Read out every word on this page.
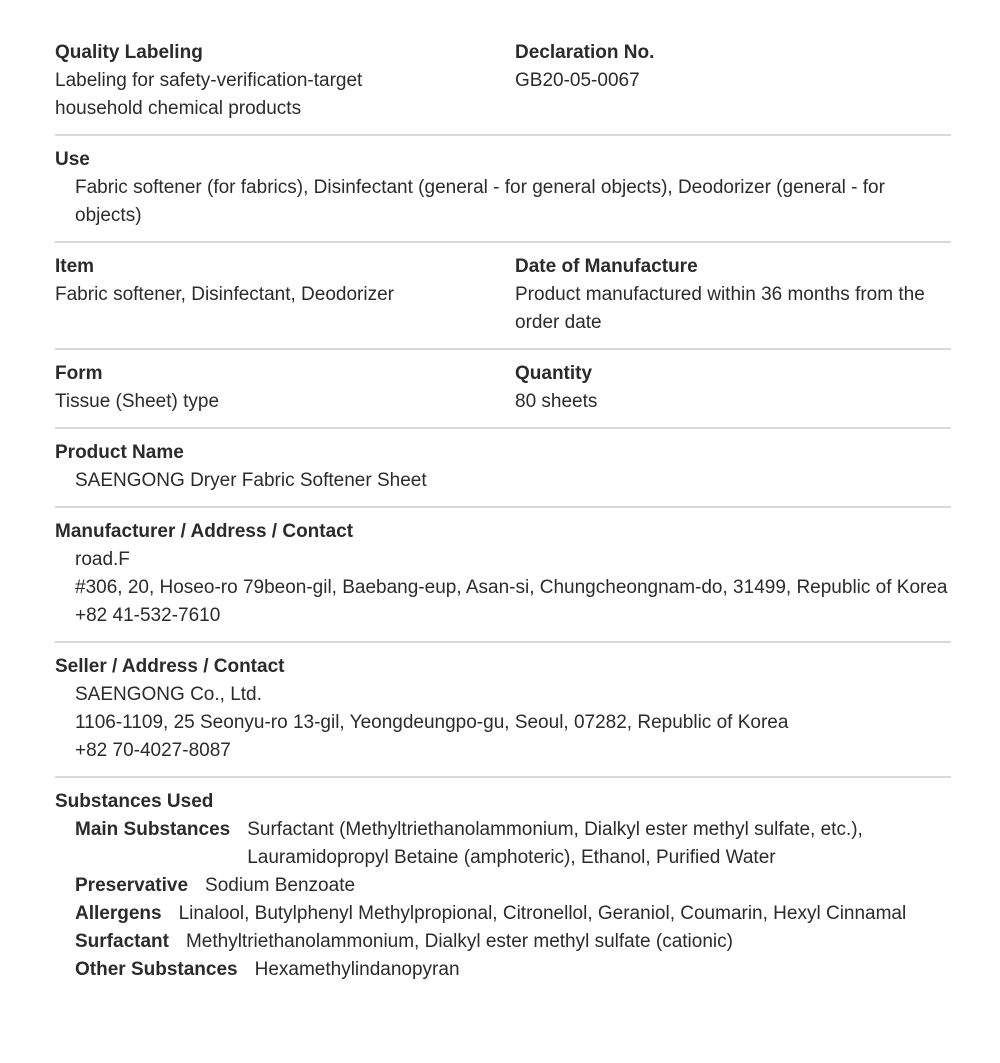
Quality Labeling
Labeling for safety-verification-target household chemical products
Declaration No.
GB20-05-0067
Use
Fabric softener (for fabrics), Disinfectant (general - for general objects), Deodorizer (general - for objects)
Item
Fabric softener, Disinfectant, Deodorizer
Date of Manufacture
Product manufactured within 36 months from the order date
Form
Tissue (Sheet) type
Quantity
80 sheets
Product Name
SAENGONG Dryer Fabric Softener Sheet
Manufacturer / Address / Contact
road.F
#306, 20, Hoseo-ro 79beon-gil, Baebang-eup, Asan-si, Chungcheongnam-do, 31499, Republic of Korea
+82 41-532-7610
Seller / Address / Contact
SAENGONG Co., Ltd.
1106-1109, 25 Seonyu-ro 13-gil, Yeongdeungpo-gu, Seoul, 07282, Republic of Korea
+82 70-4027-8087
Substances Used
Main Substances Surfactant (Methyltriethanolammonium, Dialkyl ester methyl sulfate, etc.), Lauramidopropyl Betaine (amphoteric), Ethanol, Purified Water
Preservative Sodium Benzoate
Allergens Linalool, Butylphenyl Methylpropional, Citronellol, Geraniol, Coumarin, Hexyl Cinnamal
Surfactant Methyltriethanolammonium, Dialkyl ester methyl sulfate (cationic)
Other Substances Hexamethylindanopyran
